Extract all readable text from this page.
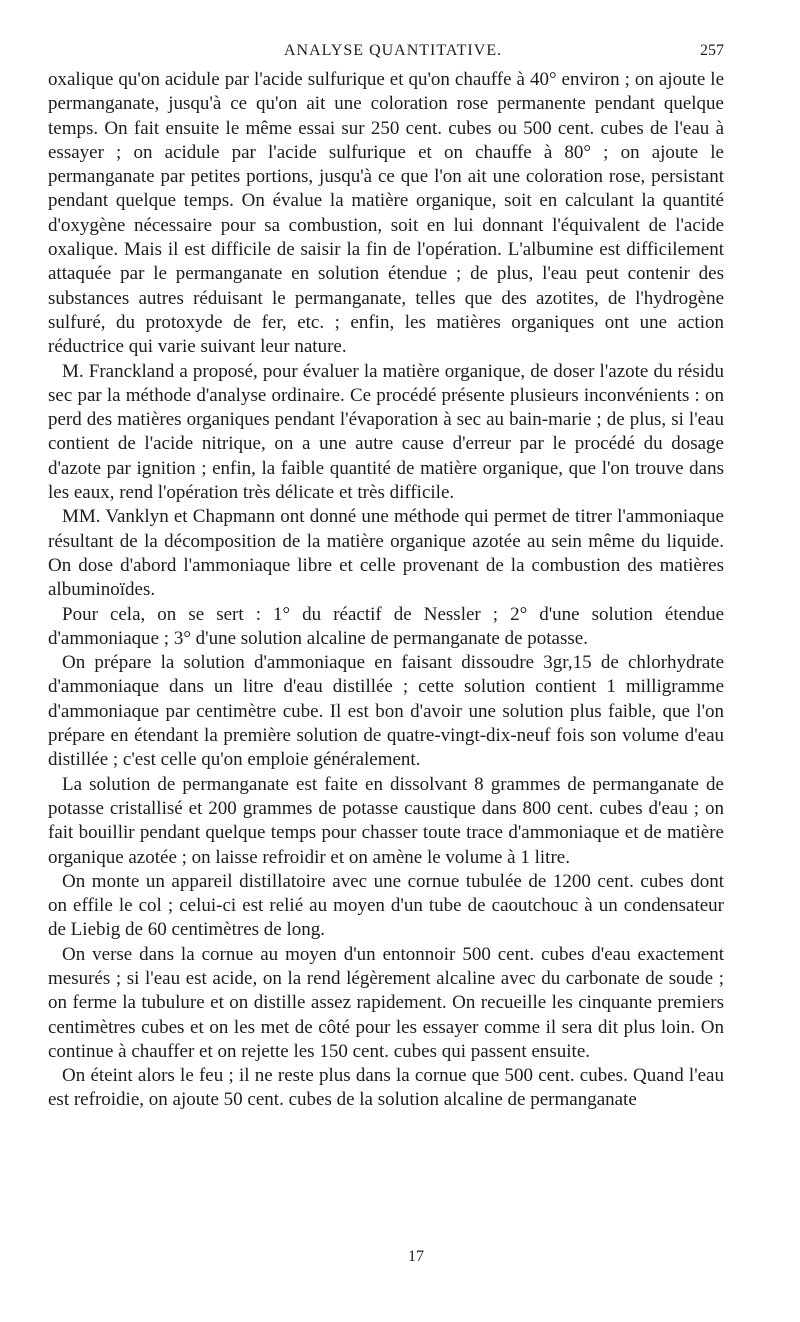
ANALYSE QUANTITATIVE.	257

oxalique qu'on acidule par l'acide sulfurique et qu'on chauffe à 40° environ ; on ajoute le permanganate, jusqu'à ce qu'on ait une coloration rose permanente pendant quelque temps. On fait ensuite le même essai sur 250 cent. cubes ou 500 cent. cubes de l'eau à essayer ; on acidule par l'acide sulfurique et on chauffe à 80° ; on ajoute le permanganate par petites portions, jusqu'à ce que l'on ait une coloration rose, persistant pendant quelque temps. On évalue la matière organique, soit en calculant la quantité d'oxygène nécessaire pour sa combustion, soit en lui donnant l'équivalent de l'acide oxalique. Mais il est difficile de saisir la fin de l'opération. L'albumine est difficilement attaquée par le permanganate en solution étendue ; de plus, l'eau peut contenir des substances autres réduisant le permanganate, telles que des azotites, de l'hydrogène sulfuré, du protoxyde de fer, etc. ; enfin, les matières organiques ont une action réductrice qui varie suivant leur nature.

M. Franckland a proposé, pour évaluer la matière organique, de doser l'azote du résidu sec par la méthode d'analyse ordinaire. Ce procédé présente plusieurs inconvénients : on perd des matières organiques pendant l'évaporation à sec au bain-marie ; de plus, si l'eau contient de l'acide nitrique, on a une autre cause d'erreur par le procédé du dosage d'azote par ignition ; enfin, la faible quantité de matière organique, que l'on trouve dans les eaux, rend l'opération très délicate et très difficile.

MM. Vanklyn et Chapmann ont donné une méthode qui permet de titrer l'ammoniaque résultant de la décomposition de la matière organique azotée au sein même du liquide. On dose d'abord l'ammoniaque libre et celle provenant de la combustion des matières albuminoïdes.

Pour cela, on se sert : 1° du réactif de Nessler ; 2° d'une solution étendue d'ammoniaque ; 3° d'une solution alcaline de permanganate de potasse.

On prépare la solution d'ammoniaque en faisant dissoudre 3gr,15 de chlorhydrate d'ammoniaque dans un litre d'eau distillée ; cette solution contient 1 milligramme d'ammoniaque par centimètre cube. Il est bon d'avoir une solution plus faible, que l'on prépare en étendant la première solution de quatre-vingt-dix-neuf fois son volume d'eau distillée ; c'est celle qu'on emploie généralement.

La solution de permanganate est faite en dissolvant 8 grammes de permanganate de potasse cristallisé et 200 grammes de potasse caustique dans 800 cent. cubes d'eau ; on fait bouillir pendant quelque temps pour chasser toute trace d'ammoniaque et de matière organique azotée ; on laisse refroidir et on amène le volume à 1 litre.

On monte un appareil distillatoire avec une cornue tubulée de 1200 cent. cubes dont on effile le col ; celui-ci est relié au moyen d'un tube de caoutchouc à un condensateur de Liebig de 60 centimètres de long.

On verse dans la cornue au moyen d'un entonnoir 500 cent. cubes d'eau exactement mesurés ; si l'eau est acide, on la rend légèrement alcaline avec du carbonate de soude ; on ferme la tubulure et on distille assez rapidement. On recueille les cinquante premiers centimètres cubes et on les met de côté pour les essayer comme il sera dit plus loin. On continue à chauffer et on rejette les 150 cent. cubes qui passent ensuite.

On éteint alors le feu ; il ne reste plus dans la cornue que 500 cent. cubes. Quand l'eau est refroidie, on ajoute 50 cent. cubes de la solution alcaline de permanganate

17
